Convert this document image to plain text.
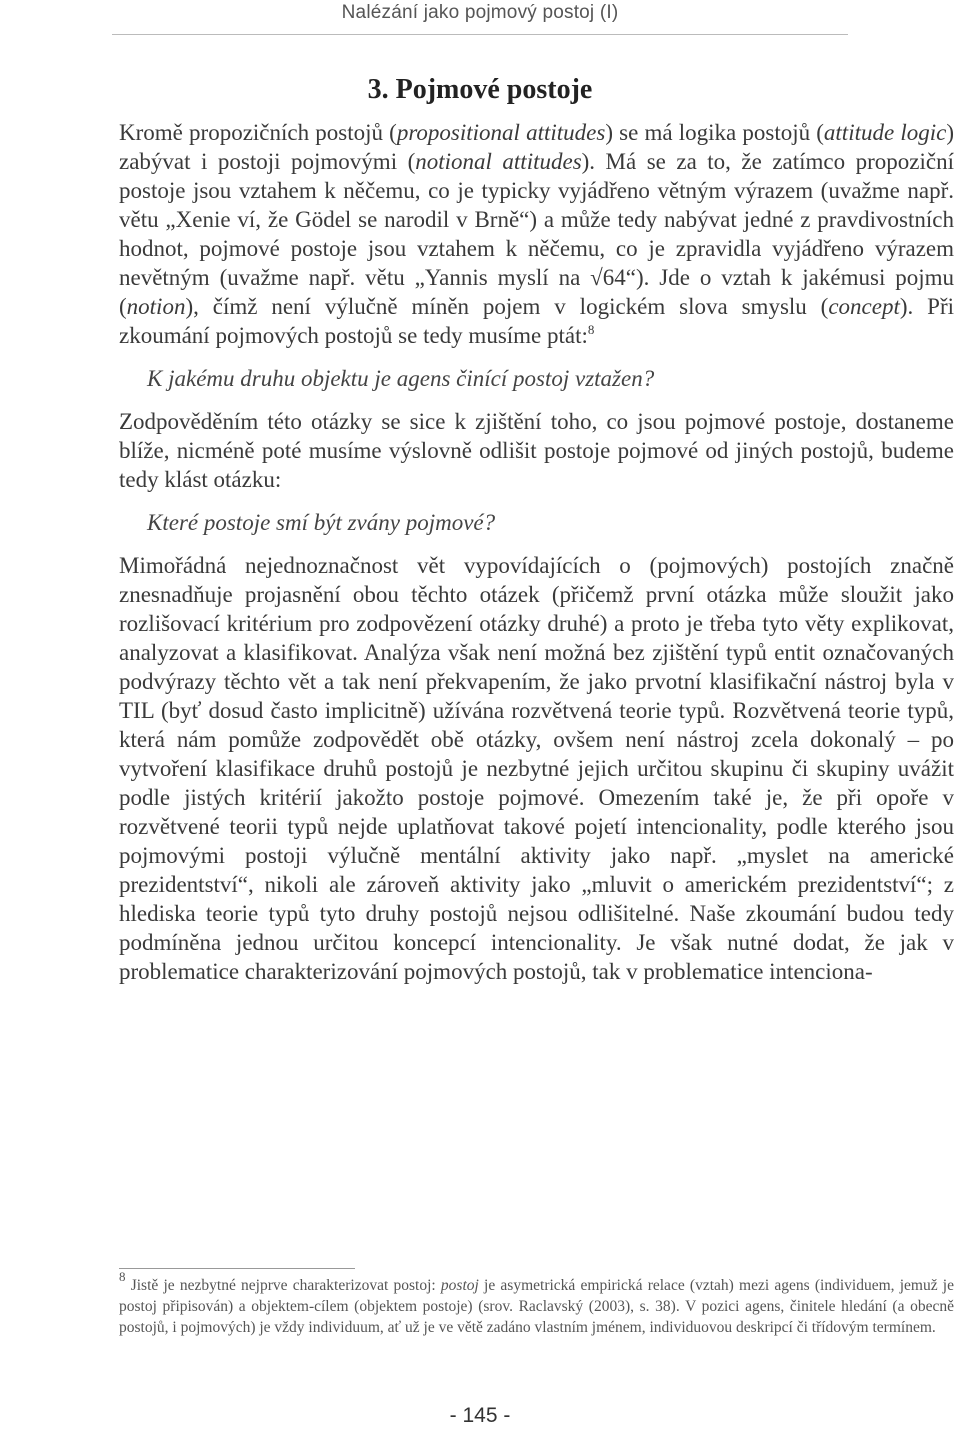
Nalézání jako pojmový postoj (I)
3. Pojmové postoje

Kromě propozičních postojů (propositional attitudes) se má logika postojů (attitude logic) zabývat i postoji pojmovými (notional attitudes). Má se za to, že zatímco propoziční postoje jsou vztahem k něčemu, co je typicky vyjádřeno větným výrazem (uvažme např. větu „Xenie ví, že Gödel se narodil v Brně“) a může tedy nabývat jedné z pravdivostních hodnot, pojmové postoje jsou vztahem k něčemu, co je zpravidla vyjádřeno výrazem nevětným (uvažme např. větu „Yannis myslí na √64“). Jde o vztah k jakémusi pojmu (notion), čímž není výlučně míněn pojem v logickém slova smyslu (concept). Při zkoumání pojmových postojů se tedy musíme ptát:$^8$

K jakému druhu objektu je agens činící postoj vztažen?

Zodpověděním této otázky se sice k zjištění toho, co jsou pojmové postoje, dostaneme blíže, nicméně poté musíme výslovně odlišit postoje pojmové od jiných postojů, budeme tedy klást otázku:

Které postoje smí být zvány pojmové?

Mimořádná nejednoznačnost vět vypovídajících o (pojmových) postojích značně znesnadňuje projasnění obou těchto otázek (přičemž první otázka může sloužit jako rozlišovací kritérium pro zodpovězení otázky druhé) a proto je třeba tyto věty explikovat, analyzovat a klasifikovat. Analýza však není možná bez zjištění typů entit označovaných podvýrazy těchto vět a tak není překvapením, že jako prvotní klasifikační nástroj byla v TIL (byť dosud často implicitně) užívána rozvětvená teorie typů. Rozvětvená teorie typů, která nám pomůže zodpovědět obě otázky, ovšem není nástroj zcela dokonalý – po vytvoření klasifikace druhů postojů je nezbytné jejich určitou skupinu či skupiny uvážit podle jistých kritérií jakožto postoje pojmové. Omezením také je, že při opoře v rozvětvené teorii typů nejde uplatňovat takové pojetí intencionality, podle kterého jsou pojmovými postoji výlučně mentální aktivity jako např. „myslet na americké prezidentství“, nikoli ale zároveň aktivity jako „mluvit o americkém prezidentství“; z hlediska teorie typů tyto druhy postojů nejsou odlišitelné. Naše zkoumání budou tedy podmíněna jednou určitou koncepcí intencionality. Je však nutné dodat, že jak v problematice charakterizování pojmových postojů, tak v problematice intenciona-

$^8$ Jistě je nezbytné nejprve charakterizovat postoj: postoj je asymetrická empirická relace (vztah) mezi agens (individuem, jemuž je postoj připisován) a objektem-cílem (objektem postoje) (srov. Raclavský (2003), s. 38). V pozici agens, činitele hledání (a obecně postojů, i pojmových) je vždy individuum, ať už je ve větě zadáno vlastním jménem, individuovou deskripcí či třídovým termínem.

- 145 -
